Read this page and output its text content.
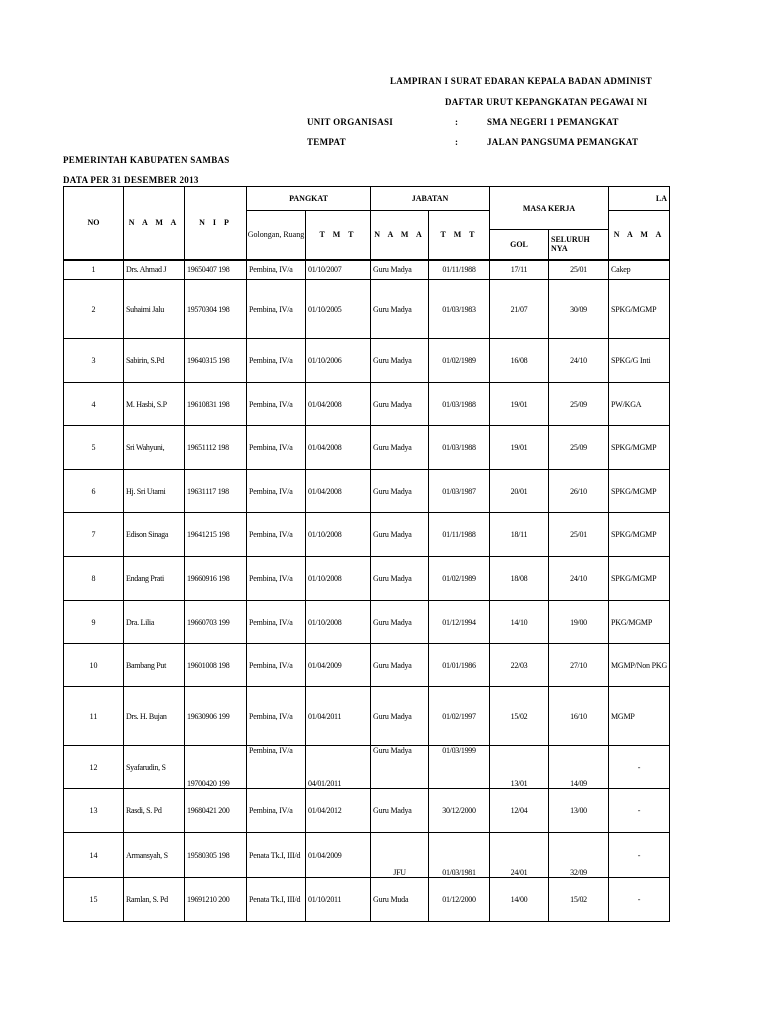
LAMPIRAN I SURAT EDARAN KEPALA BADAN ADMINIST
DAFTAR URUT KEPANGKATAN PEGAWAI NI
UNIT ORGANISASI	:	SMA NEGERI 1 PEMANGKAT
TEMPAT	:	JALAN PANGSUMA PEMANGKAT
PEMERINTAH KABUPATEN SAMBAS
DATA PER 31 DESEMBER 2013
NO	N A M A	N I P	PANGKAT		JABATAN		MASA KERJA		LA
			Golongan, Ruang	T M T	N A M A	T M T			N A M A
							GOL	SELURUH NYA	
1	Drs. Ahmad J	19650407 198	Pembina, IV/a	01/10/2007	Guru Madya	01/11/1988	17/11	25/01	Cakep
2	Suhaimi Jalu	19570304 198	Pembina, IV/a	01/10/2005	Guru Madya	01/03/1983	21/07	30/09	SPKG/MGMP
3	Sabirin, S.Pd	19640315 198	Pembina, IV/a	01/10/2006	Guru Madya	01/02/1989	16/08	24/10	SPKG/G Inti
4	M. Hasbi, S.P	19610831 198	Pembina, IV/a	01/04/2008	Guru Madya	01/03/1988	19/01	25/09	PW/KGA
5	Sri Wahyuni,	19651112 198	Pembina, IV/a	01/04/2008	Guru Madya	01/03/1988	19/01	25/09	SPKG/MGMP
6	Hj. Sri Utami	19631117 198	Pembina, IV/a	01/04/2008	Guru Madya	01/03/1987	20/01	26/10	SPKG/MGMP
7	Edison Sinaga	19641215 198	Pembina, IV/a	01/10/2008	Guru Madya	01/11/1988	18/11	25/01	SPKG/MGMP
8	Endang Prati	19660916 198	Pembina, IV/a	01/10/2008	Guru Madya	01/02/1989	18/08	24/10	SPKG/MGMP
9	Dra. Lilia	19660703 199	Pembina, IV/a	01/10/2008	Guru Madya	01/12/1994	14/10	19/00	PKG/MGMP
10	Bambang Put	19601008 198	Pembina, IV/a	01/04/2009	Guru Madya	01/01/1986	22/03	27/10	MGMP/Non PKG
11	Drs. H. Bujan	19630906 199	Pembina, IV/a	01/04/2011	Guru Madya	01/02/1997	15/02	16/10	MGMP
12	Syafarudin, S	19700420 199	Pembina, IV/a	04/01/2011	Guru Madya	01/03/1999	13/01	14/09	-
13	Rasdi, S. Pd	19680421 200	Pembina, IV/a	01/04/2012	Guru Madya	30/12/2000	12/04	13/00	-
14	Armansyah, S	19580305 198	Penata Tk.I, III/d	01/04/2009	JFU	01/03/1981	24/01	32/09	-
15	Ramlan, S. Pd	19691210 200	Penata Tk.I, III/d	01/10/2011	Guru Muda	01/12/2000	14/00	15/02	-
